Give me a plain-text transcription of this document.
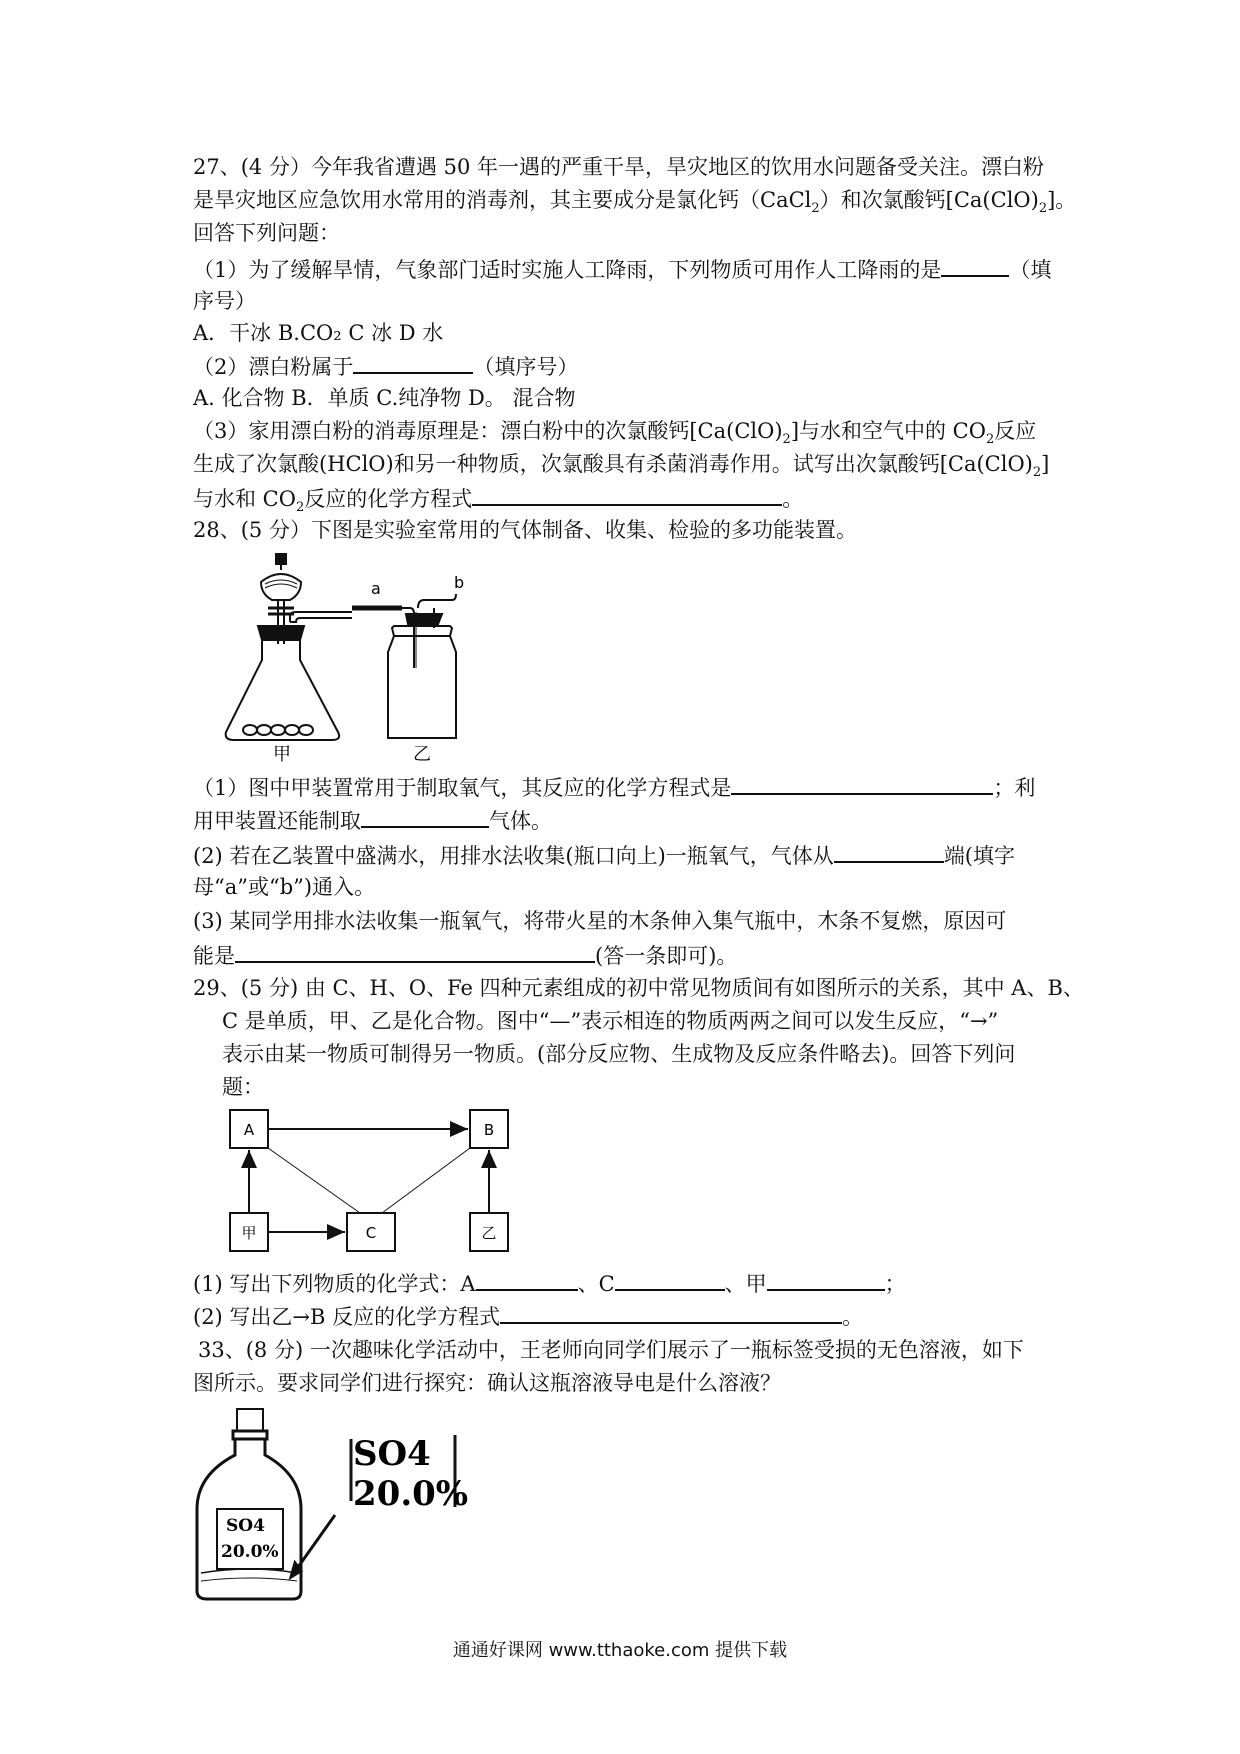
27、(4 分）今年我省遭遇 50 年一遇的严重干旱，旱灾地区的饮用水问题备受关注。漂白粉
是旱灾地区应急饮用水常用的消毒剂，其主要成分是氯化钙（CaCl$_2$）和次氯酸钙$[Ca(ClO)_2]$。
回答下列问题：
（1）为了缓解旱情，气象部门适时实施人工降雨，下列物质可用作人工降雨的是	（填
序号）
A．干冰 B.CO₂ C 冰 D 水
（2）漂白粉属于	（填序号）
A. 化合物 B．单质 C.纯净物 D。 混合物
（3）家用漂白粉的消毒原理是：漂白粉中的次氯酸钙$[Ca(ClO)_2]$与水和空气中的 $CO_2$反应
生成了次氯酸(HClO)和另一种物质，次氯酸具有杀菌消毒作用。试写出次氯酸钙$[Ca(ClO)_2]$
与水和 $CO_2$反应的化学方程式	。
28、(5 分）下图是实验室常用的气体制备、收集、检验的多功能装置。
甲
a	b
乙
（1）图中甲装置常用于制取氧气，其反应的化学方程式是	；利
用甲装置还能制取	气体。
(2) 若在乙装置中盛满水，用排水法收集(瓶口向上)一瓶氧气，气体从	端(填字
母“a”或“b”)通入。
(3) 某同学用排水法收集一瓶氧气，将带火星的木条伸入集气瓶中，木条不复燃，原因可
能是	(答一条即可)。
29、(5 分) 由 C、H、O、Fe 四种元素组成的初中常见物质间有如图所示的关系，其中 A、B、
C 是单质，甲、乙是化合物。图中“—”表示相连的物质两两之间可以发生反应，“→”
表示由某一物质可制得另一物质。(部分反应物、生成物及反应条件略去)。回答下列问
题：
A	B
C
甲	乙
(1) 写出下列物质的化学式：A	、C	、甲	；
(2) 写出乙→B 反应的化学方程式	。
33、(8 分) 一次趣味化学活动中，王老师向同学们展示了一瓶标签受损的无色溶液，如下
图所示。要求同学们进行探究：确认这瓶溶液导电是什么溶液？
SO4
20.0%
SO4
20.0%
通通好课网 www.tthaoke.com 提供下载
